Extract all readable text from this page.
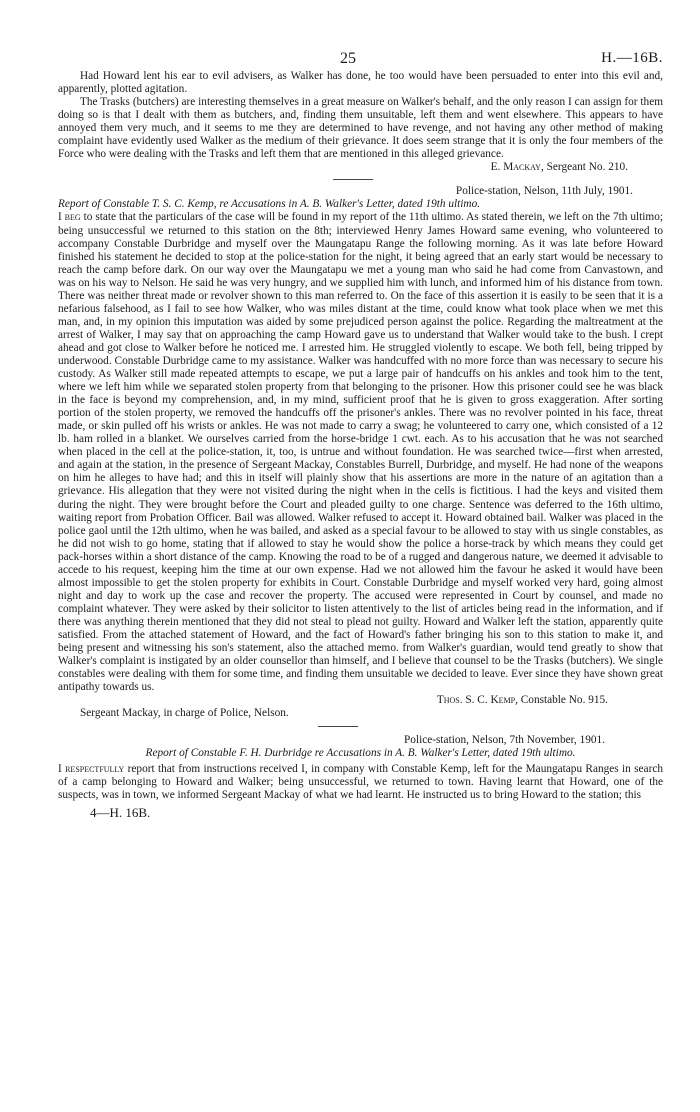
25	H.—16B.

Had Howard lent his ear to evil advisers, as Walker has done, he too would have been persuaded to enter into this evil and, apparently, plotted agitation.

The Trasks (butchers) are interesting themselves in a great measure on Walker's behalf, and the only reason I can assign for them doing so is that I dealt with them as butchers, and, finding them unsuitable, left them and went elsewhere. This appears to have annoyed them very much, and it seems to me they are determined to have revenge, and not having any other method of making complaint have evidently used Walker as the medium of their grievance. It does seem strange that it is only the four members of the Force who were dealing with the Trasks and left them that are mentioned in this alleged grievance.

E. Mackay, Sergeant No. 210.

Police-station, Nelson, 11th July, 1901.
Report of Constable T. S. C. Kemp, re Accusations in A. B. Walker's Letter, dated 19th ultimo.

I beg to state that the particulars of the case will be found in my report of the 11th ultimo. As stated therein, we left on the 7th ultimo; being unsuccessful we returned to this station on the 8th; interviewed Henry James Howard same evening, who volunteered to accompany Constable Durbridge and myself over the Maungatapu Range the following morning. As it was late before Howard finished his statement he decided to stop at the police-station for the night, it being agreed that an early start would be necessary to reach the camp before dark. On our way over the Maungatapu we met a young man who said he had come from Canvastown, and was on his way to Nelson. He said he was very hungry, and we supplied him with lunch, and informed him of his distance from town. There was neither threat made or revolver shown to this man referred to. On the face of this assertion it is easily to be seen that it is a nefarious falsehood, as I fail to see how Walker, who was miles distant at the time, could know what took place when we met this man, and, in my opinion this imputation was aided by some prejudiced person against the police. Regarding the maltreatment at the arrest of Walker, I may say that on approaching the camp Howard gave us to understand that Walker would take to the bush. I crept ahead and got close to Walker before he noticed me. I arrested him. He struggled violently to escape. We both fell, being tripped by underwood. Constable Durbridge came to my assistance. Walker was handcuffed with no more force than was necessary to secure his custody. As Walker still made repeated attempts to escape, we put a large pair of handcuffs on his ankles and took him to the tent, where we left him while we separated stolen property from that belonging to the prisoner. How this prisoner could see he was black in the face is beyond my comprehension, and, in my mind, sufficient proof that he is given to gross exaggeration. After sorting portion of the stolen property, we removed the handcuffs off the prisoner's ankles. There was no revolver pointed in his face, threat made, or skin pulled off his wrists or ankles. He was not made to carry a swag; he volunteered to carry one, which consisted of a 12 lb. ham rolled in a blanket. We ourselves carried from the horse-bridge 1 cwt. each. As to his accusation that he was not searched when placed in the cell at the police-station, it, too, is untrue and without foundation. He was searched twice—first when arrested, and again at the station, in the presence of Sergeant Mackay, Constables Burrell, Durbridge, and myself. He had none of the weapons on him he alleges to have had; and this in itself will plainly show that his assertions are more in the nature of an agitation than a grievance. His allegation that they were not visited during the night when in the cells is fictitious. I had the keys and visited them during the night. They were brought before the Court and pleaded guilty to one charge. Sentence was deferred to the 16th ultimo, waiting report from Probation Officer. Bail was allowed. Walker refused to accept it. Howard obtained bail. Walker was placed in the police gaol until the 12th ultimo, when he was bailed, and asked as a special favour to be allowed to stay with us single constables, as he did not wish to go home, stating that if allowed to stay he would show the police a horse-track by which means they could get pack-horses within a short distance of the camp. Knowing the road to be of a rugged and dangerous nature, we deemed it advisable to accede to his request, keeping him the time at our own expense. Had we not allowed him the favour he asked it would have been almost impossible to get the stolen property for exhibits in Court. Constable Durbridge and myself worked very hard, going almost night and day to work up the case and recover the property. The accused were represented in Court by counsel, and made no complaint whatever. They were asked by their solicitor to listen attentively to the list of articles being read in the information, and if there was anything therein mentioned that they did not steal to plead not guilty. Howard and Walker left the station, apparently quite satisfied. From the attached statement of Howard, and the fact of Howard's father bringing his son to this station to make it, and being present and witnessing his son's statement, also the attached memo. from Walker's guardian, would tend greatly to show that Walker's complaint is instigated by an older counsellor than himself, and I believe that counsel to be the Trasks (butchers). We single constables were dealing with them for some time, and finding them unsuitable we decided to leave. Ever since they have shown great antipathy towards us.

Thos. S. C. Kemp, Constable No. 915.

Sergeant Mackay, in charge of Police, Nelson.

Police-station, Nelson, 7th November, 1901.
Report of Constable F. H. Durbridge re Accusations in A. B. Walker's Letter, dated 19th ultimo.

I respectfully report that from instructions received I, in company with Constable Kemp, left for the Maungatapu Ranges in search of a camp belonging to Howard and Walker; being unsuccessful, we returned to town. Having learnt that Howard, one of the suspects, was in town, we informed Sergeant Mackay of what we had learnt. He instructed us to bring Howard to the station; this

4—H. 16B.
